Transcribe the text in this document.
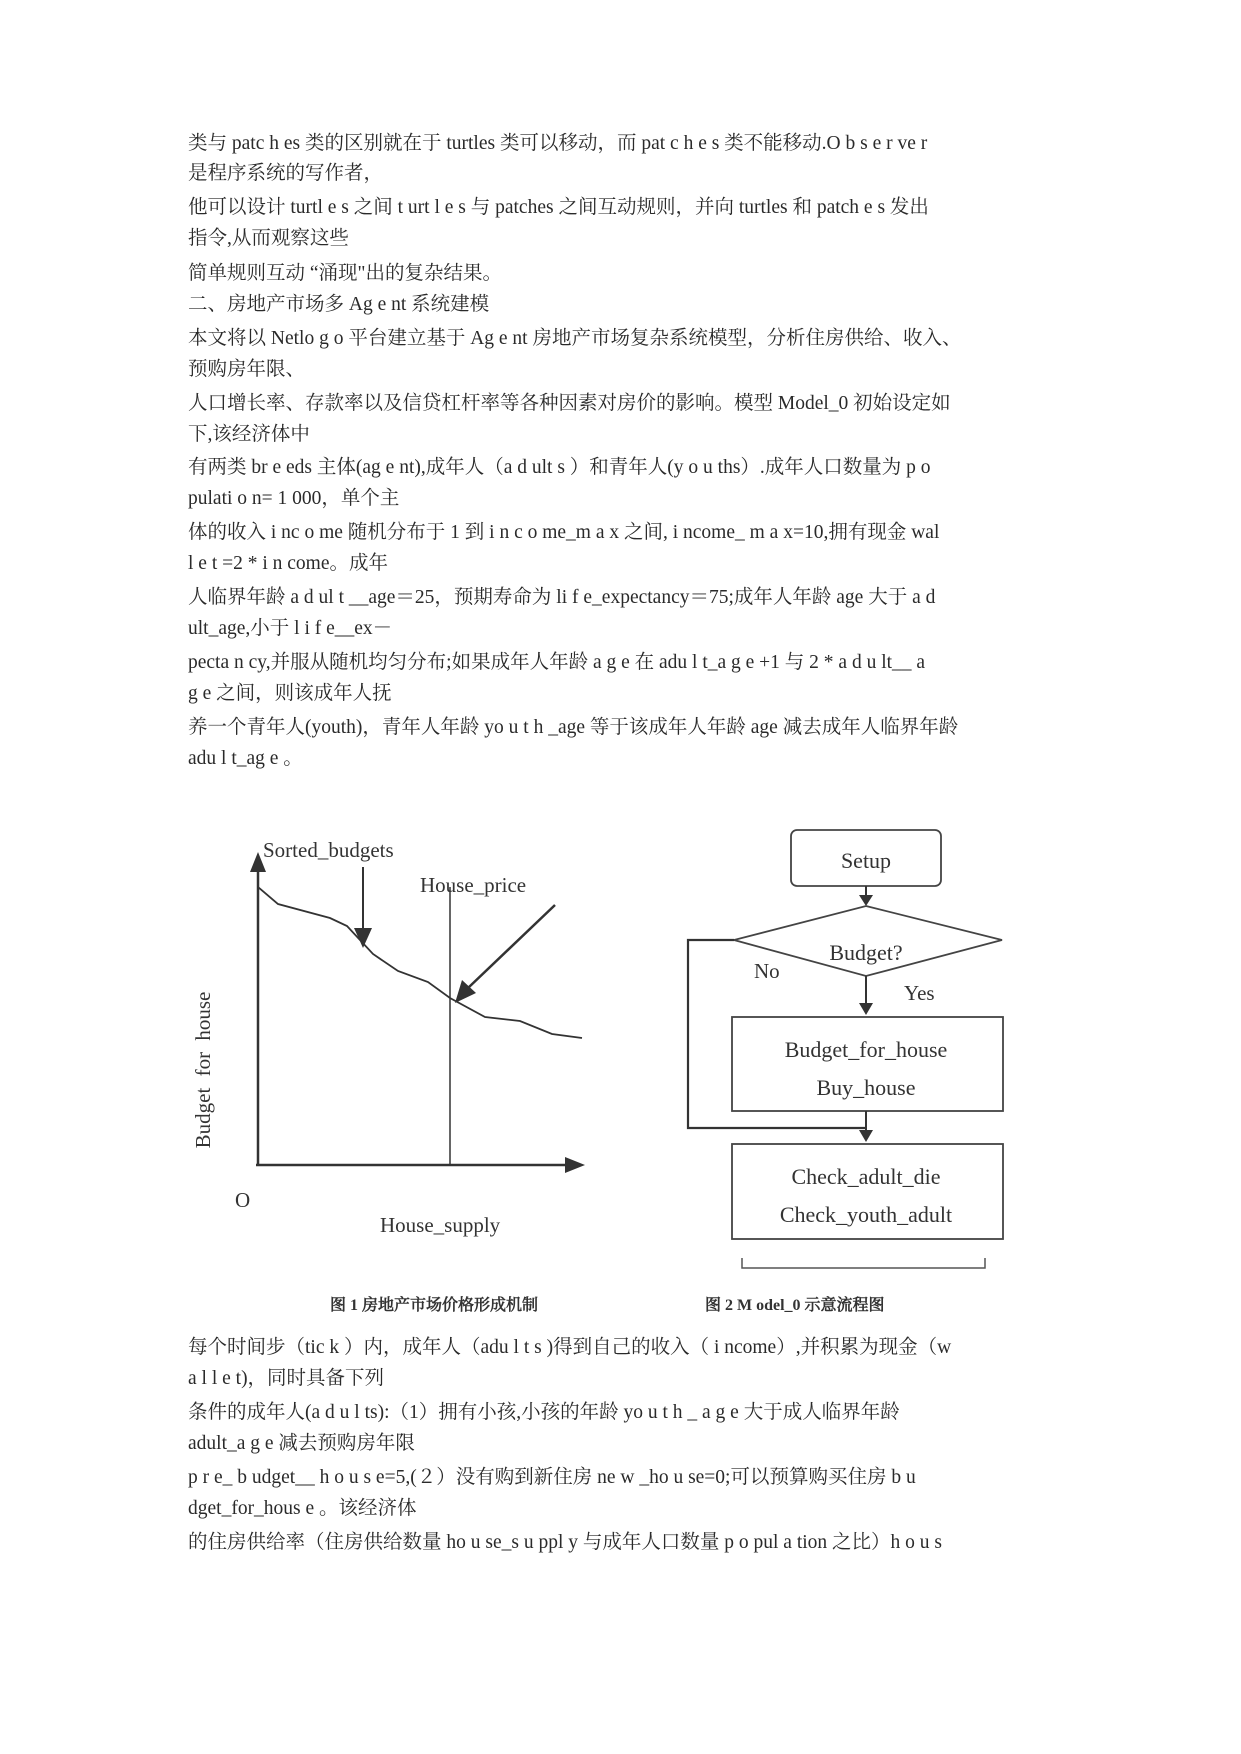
类与 patc h es 类的区别就在于 turtles 类可以移动，而 pat c h e s 类不能移动.O b s e r ve r
是程序系统的写作者，
他可以设计 turtl e s 之间 t urt l e s 与 patches 之间互动规则，并向 turtles 和 patch e s 发出
指令,从而观察这些
简单规则互动 “涌现"出的复杂结果。
二、房地产市场多 Ag e nt 系统建模
本文将以 Netlo g o 平台建立基于 Ag e nt 房地产市场复杂系统模型，分析住房供给、收入、
预购房年限、
人口增长率、存款率以及信贷杠杆率等各种因素对房价的影响。模型 Model_0 初始设定如
下,该经济体中
有两类 br e eds 主体(ag e nt),成年人（a d ult s ）和青年人(y o u ths）.成年人口数量为 p o
pulati o n= 1 000，单个主
体的收入 i nc o me 随机分布于 1 到 i n c o me_m a x 之间, i ncome_ m a x=10,拥有现金 wal
l e t =2 * i n come。成年
人临界年龄 a d ul t __age＝25，预期寿命为 li f e_expectancy＝75;成年人年龄 age 大于 a d
ult_age,小于 l i f e__ex－
pecta n cy,并服从随机均匀分布;如果成年人年龄 a g e 在 adu l t_a g e +1 与 2 * a d u lt__ a
g e 之间，则该成年人抚
养一个青年人(youth)，青年人年龄 yo u t h _age 等于该成年人年龄 age 减去成年人临界年龄
adu l t_ag e 。
Sorted_budgets
House_price
Budget for house
O
House_supply
Setup
Budget?
No
Yes
Budget_for_house
Buy_house
Check_adult_die
Check_youth_adult
图 1 房地产市场价格形成机制	图 2 M odel_0 示意流程图
每个时间步（tic k ）内，成年人（adu l t s )得到自己的收入（ i ncome）,并积累为现金（w
a l l e t)，同时具备下列
条件的成年人(a d u l ts):（1）拥有小孩,小孩的年龄 yo u t h _ a g e 大于成人临界年龄
adult_a g e 减去预购房年限
p r e_ b udget__ h o u s e=5,(２）没有购到新住房 ne w _ho u se=0;可以预算购买住房 b u
dget_for_hous e 。该经济体
的住房供给率（住房供给数量 ho u se_s u ppl y 与成年人口数量 p o pul a tion 之比）h o u s
